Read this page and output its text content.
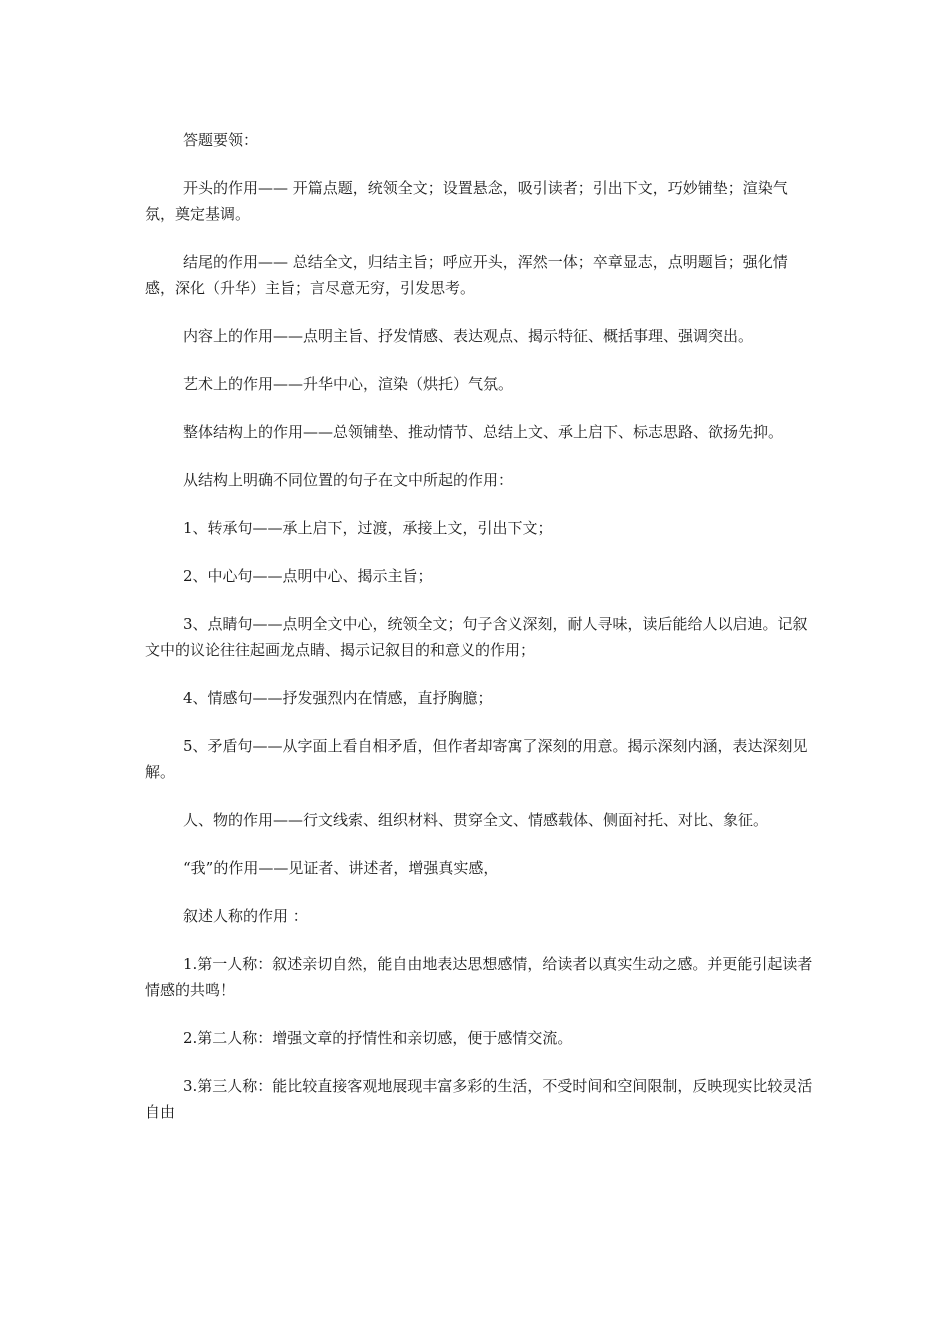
答题要领：

开头的作用—— 开篇点题，统领全文；设置悬念，吸引读者；引出下文，巧妙铺垫；渲染气氛，奠定基调。

结尾的作用—— 总结全文，归结主旨；呼应开头，浑然一体；卒章显志，点明题旨；强化情感，深化（升华）主旨；言尽意无穷，引发思考。

内容上的作用——点明主旨、抒发情感、表达观点、揭示特征、概括事理、强调突出。

艺术上的作用——升华中心，渲染（烘托）气氛。

整体结构上的作用——总领铺垫、推动情节、总结上文、承上启下、标志思路、欲扬先抑。

从结构上明确不同位置的句子在文中所起的作用：

1、转承句——承上启下，过渡，承接上文，引出下文；

2、中心句——点明中心、揭示主旨；

3、点睛句——点明全文中心，统领全文；句子含义深刻，耐人寻味，读后能给人以启迪。记叙文中的议论往往起画龙点睛、揭示记叙目的和意义的作用；

4、情感句——抒发强烈内在情感，直抒胸臆；

5、矛盾句——从字面上看自相矛盾，但作者却寄寓了深刻的用意。揭示深刻内涵，表达深刻见解。

人、物的作用——行文线索、组织材料、贯穿全文、情感载体、侧面衬托、对比、象征。

“我”的作用——见证者、讲述者，增强真实感，

叙述人称的作用 ：

1.第一人称：叙述亲切自然，能自由地表达思想感情，给读者以真实生动之感。并更能引起读者情感的共鸣！

2.第二人称：增强文章的抒情性和亲切感，便于感情交流。

3.第三人称：能比较直接客观地展现丰富多彩的生活，不受时间和空间限制，反映现实比较灵活自由
